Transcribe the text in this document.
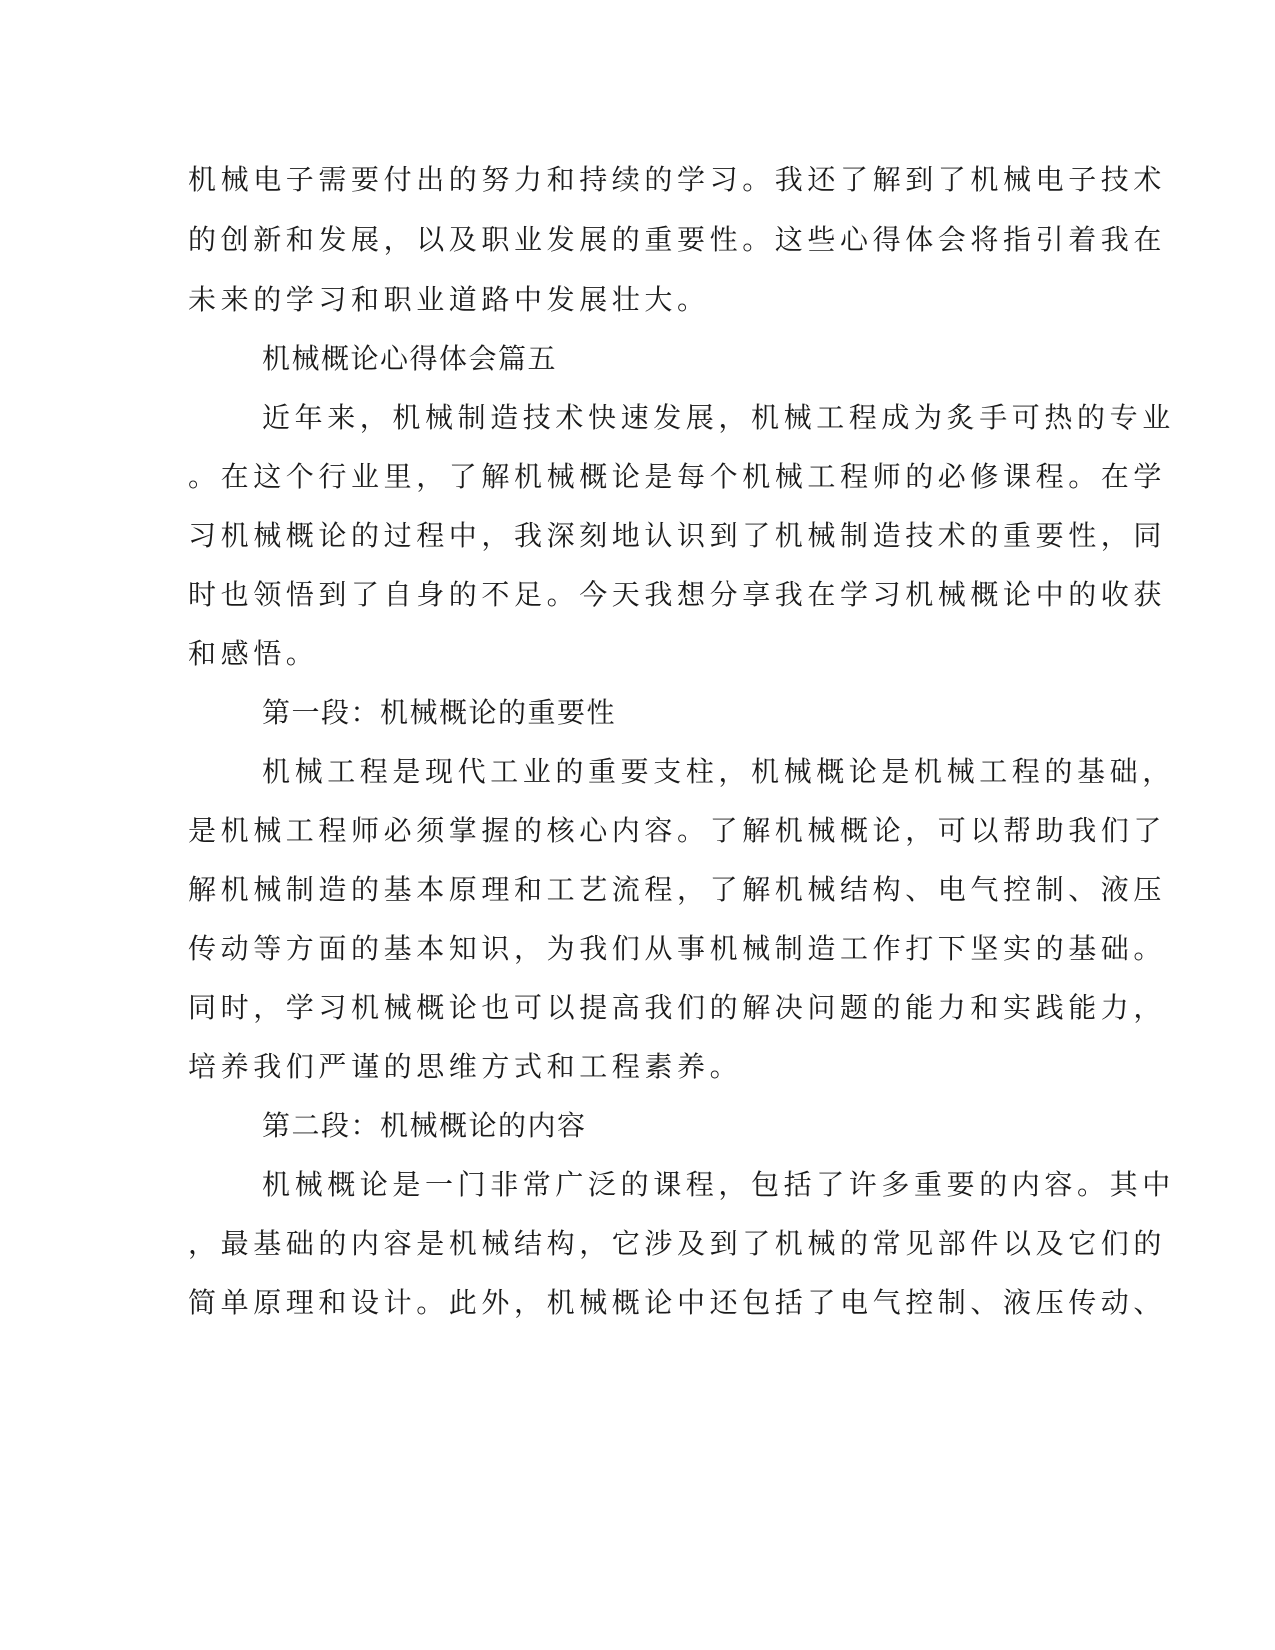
机械电子需要付出的努力和持续的学习。我还了解到了机械电子技术
的创新和发展，以及职业发展的重要性。这些心得体会将指引着我在
未来的学习和职业道路中发展壮大。
机械概论心得体会篇五
近年来，机械制造技术快速发展，机械工程成为炙手可热的专业
。在这个行业里，了解机械概论是每个机械工程师的必修课程。在学
习机械概论的过程中，我深刻地认识到了机械制造技术的重要性，同
时也领悟到了自身的不足。今天我想分享我在学习机械概论中的收获
和感悟。
第一段：机械概论的重要性
机械工程是现代工业的重要支柱，机械概论是机械工程的基础，
是机械工程师必须掌握的核心内容。了解机械概论，可以帮助我们了
解机械制造的基本原理和工艺流程，了解机械结构、电气控制、液压
传动等方面的基本知识，为我们从事机械制造工作打下坚实的基础。
同时，学习机械概论也可以提高我们的解决问题的能力和实践能力，
培养我们严谨的思维方式和工程素养。
第二段：机械概论的内容
机械概论是一门非常广泛的课程，包括了许多重要的内容。其中
，最基础的内容是机械结构，它涉及到了机械的常见部件以及它们的
简单原理和设计。此外，机械概论中还包括了电气控制、液压传动、
